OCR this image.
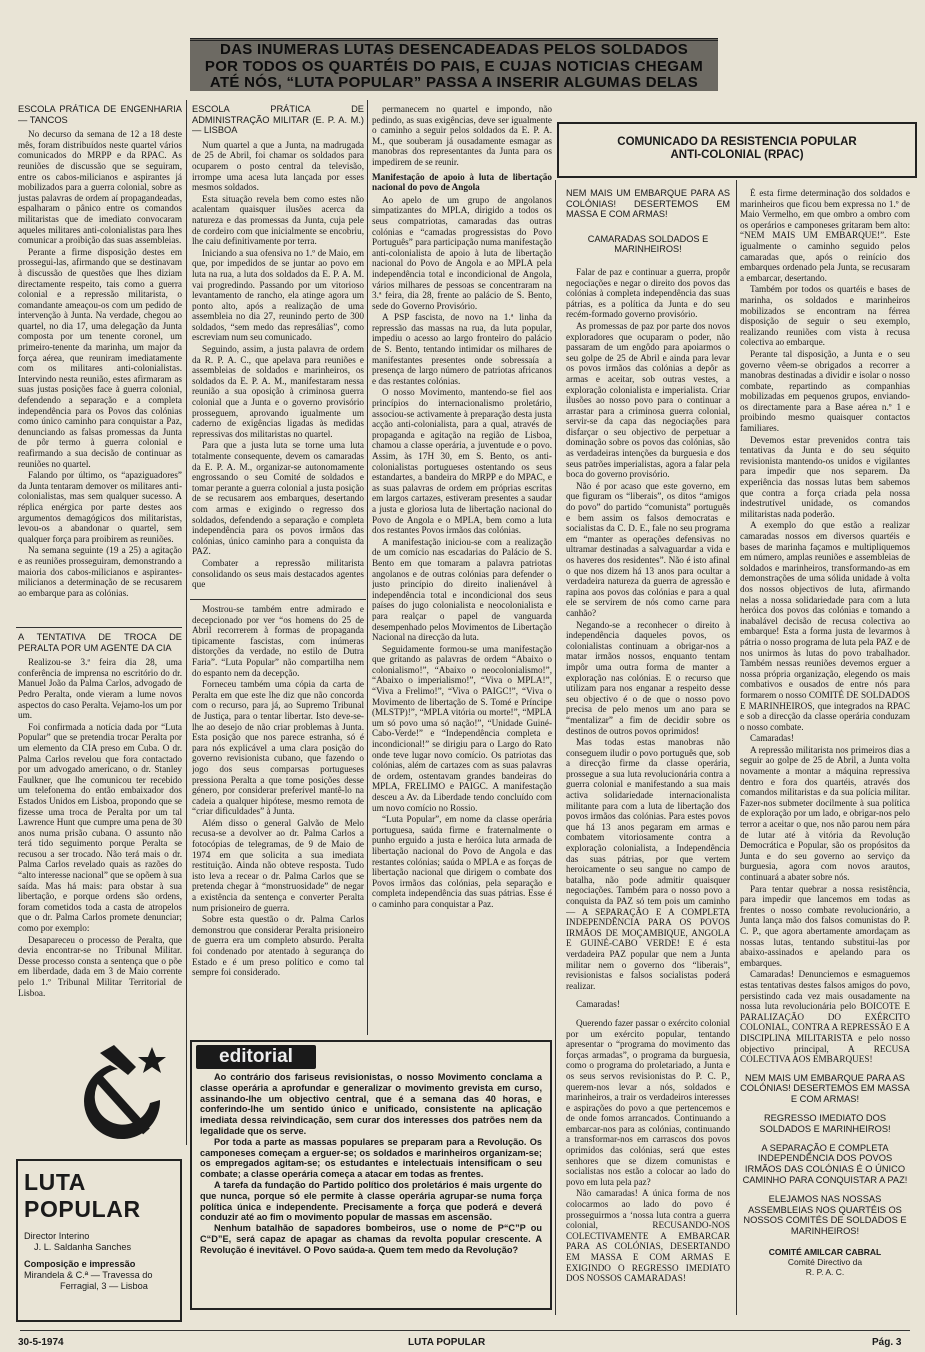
DAS INUMERAS LUTAS DESENCADEADAS PELOS SOLDADOS
POR TODOS OS QUARTÉIS DO PAIS, E CUJAS NOTICIAS CHEGAM
ATÉ NÓS, “LUTA POPULAR” PASSA A INSERIR ALGUMAS DELAS
ESCOLA PRÁTICA DE ENGENHARIA — TANCOS

No decurso da semana de 12 a 18 deste mês, foram distribuídos neste quartel vários comunicados do MRPP e da RPAC. As reuniões de discussão que se seguiram, entre os cabos-milicianos e aspirantes já mobilizados para a guerra colonial, sobre as justas palavras de ordem aí propagandeadas, espalharam o pânico entre os comandos militaristas que de imediato convocaram aqueles militares anti-colonialistas para lhes comunicar a proibição das suas assembleias.

Perante a firme disposição destes em prossegui-las, afirmando que se destinavam à discussão de questões que lhes diziam directamente respeito, tais como a guerra colonial e a repressão militarista, o comandante ameaçou-os com um pedido de intervenção à Junta. Na verdade, chegou ao quartel, no dia 17, uma delegação da Junta composta por um tenente coronel, um primeiro-tenente da marinha, um major da força aérea, que reuniram imediatamente com os militares anti-colonialistas. Intervindo nesta reunião, estes afirmaram as suas justas posições face à guerra colonial, defendendo a separação e a completa independência para os Povos das colónias como único caminho para conquistar a Paz, denunciando as falsas promessas da Junta de pôr termo à guerra colonial e reafirmando a sua decisão de continuar as reuniões no quartel.

Falando por último, os “apaziguadores” da Junta tentaram demover os militares anti-colonialistas, mas sem qualquer sucesso. A réplica enérgica por parte destes aos argumentos demagógicos dos militaristas, levou-os a abandonar o quartel, sem qualquer força para proibirem as reuniões.

Na semana seguinte (19 a 25) a agitação e as reuniões prosseguiram, demonstrando a maioria dos cabos-milicianos e aspirantes-milicianos a determinação de se recusarem ao embarque para as colónias.

A TENTATIVA DE TROCA DE PERALTA POR UM AGENTE DA CIA

Realizou-se 3.ª feira dia 28, uma conferência de imprensa no escritório do dr. Manuel João da Palma Carlos, advogado de Pedro Peralta, onde vieram a lume novos aspectos do caso Peralta. Vejamo-los um por um.

Foi confirmada a notícia dada por “Luta Popular” que se pretendia trocar Peralta por um elemento da CIA preso em Cuba. O dr. Palma Carlos revelou que fora contactado por um advogado americano, o dr. Stanley Faulkner, que lhe comunicou ter recebido um telefonema do então embaixador dos Estados Unidos em Lisboa, propondo que se fizesse uma troca de Peralta por um tal Lawrence Hunt que cumpre uma pena de 30 anos numa prisão cubana. O assunto não terá tido seguimento porque Peralta se recusou a ser trocado. Não terá mais o dr. Palma Carlos revelado quais as razões do “alto interesse nacional” que se opõem à sua saída. Mas há mais: para obstar à sua libertação, e porque ordens são ordens, foram cometidos toda a casta de atropelos que o dr. Palma Carlos promete denunciar; como por exemplo:

Desapareceu o processo de Peralta, que devia encontrar-se no Tribunal Militar. Desse processo consta a sentença que o põe em liberdade, dada em 3 de Maio corrente pelo 1.º Tribunal Militar Territorial de Lisboa.

LUTA POPULAR
Director Interino
J. L. Saldanha Sanches
Composição e impressão
Mirandela & C.ª — Travessa do
Ferragial, 3 — Lisboa
ESCOLA PRÁTICA DE ADMINISTRAÇÃO MILITAR (E. P. A. M.) — LISBOA

Num quartel a que a Junta, na madrugada de 25 de Abril, foi chamar os soldados para ocuparem o posto central da televisão, irrompe uma acesa luta lançada por esses mesmos soldados.

Esta situação revela bem como estes não acalentam quaisquer ilusões acerca da natureza e das promessas da Junta, cuja pele de cordeiro com que inicialmente se encobriu, lhe caiu definitivamente por terra.

Iniciando a sua ofensiva no 1.º de Maio, em que, por impedidos de se juntar ao povo em luta na rua, a luta dos soldados da E. P. A. M. vai progredindo. Passando por um vitorioso levantamento de rancho, ela atinge agora um ponto alto, após a realização de uma assembleia no dia 27, reunindo perto de 300 soldados, “sem medo das represálias”, como escreviam num seu comunicado.

Seguindo, assim, a justa palavra de ordem da R. P. A. C., que apelava para reuniões e assembleias de soldados e marinheiros, os soldados da E. P. A. M., manifestaram nessa reunião a sua oposição à criminosa guerra colonial que a Junta e o governo provisório prosseguem, aprovando igualmente um caderno de exigências ligadas às medidas repressivas dos militaristas no quartel.

Para que a justa luta se torne uma luta totalmente consequente, devem os camaradas da E. P. A. M., organizar-se autonomamente engrossando o seu Comité de soldados e tomar perante a guerra colonial a justa posição de se recusarem aos embarques, desertando com armas e exigindo o regresso dos soldados, defendendo a separação e completa independência para os povos irmãos das colónias, único caminho para a conquista da PAZ.

Combater a repressão militarista consolidando os seus mais destacados agentes que

Mostrou-se também entre admirado e decepcionado por ver “os homens do 25 de Abril recorrerem à formas de propaganda tipicamente fascistas, com inúmeras distorções da verdade, no estilo de Dutra Faria”. “Luta Popular” não compartilha nem do espanto nem da decepção.

Forneceu também uma cópia da carta de Peralta em que este lhe diz que não concorda com o recurso, para já, ao Supremo Tribunal de Justiça, para o tentar libertar. Isto deve-se-lhe ao desejo de não criar problemas à Junta. Esta posição que nos parece estranha, só é para nós explicável a uma clara posição do governo revisionista cubano, que fazendo o jogo dos seus comparsas portugueses pressiona Peralta a que tome posições desse género, por considerar preferível mantê-lo na cadeia a qualquer hipótese, mesmo remota de “criar dificuldades” à Junta.

Além disso o general Galvão de Melo recusa-se a devolver ao dr. Palma Carlos a fotocópias de telegramas, de 9 de Maio de 1974 em que solicita a sua imediata restituição. Ainda não obteve resposta. Tudo isto leva a recear o dr. Palma Carlos que se pretenda chegar à “monstruosidade” de negar a existência da sentença e converter Peralta num prisioneiro de guerra.

Sobre esta questão o dr. Palma Carlos demonstrou que considerar Peralta prisioneiro de guerra era um completo absurdo. Peralta foi condenado por atentado à segurança do Estado e é um preso político e como tal sempre foi considerado.

permanecem no quartel e impondo, não pedindo, as suas exigências, deve ser igualmente o caminho a seguir pelos soldados da E. P. A. M., que souberam já ousadamente esmagar as manobras dos representantes da Junta para os impedirem de se reunir.

Manifestação de apoio à luta de libertação nacional do povo de Angola

Ao apelo de um grupo de angolanos simpatizantes do MPLA, dirigido a todos os seus compatriotas, camaradas das outras colónias e “camadas progressistas do Povo Português” para participação numa manifestação anti-colonialista de apoio à luta de libertação nacional do Povo de Angola e ao MPLA pela independência total e incondicional de Angola, vários milhares de pessoas se concentraram na 3.ª feira, dia 28, frente ao palácio de S. Bento, sede do Governo Provisório.

A PSP fascista, de novo na 1.ª linha da repressão das massas na rua, da luta popular, impediu o acesso ao largo fronteiro do palácio de S. Bento, tentando intimidar os milhares de manifestantes presentes onde sobressaía a presença de largo número de patriotas africanos e das restantes colónias.

O nosso Movimento, mantendo-se fiel aos princípios do internacionalismo proletário, associou-se activamente à preparação desta justa acção anti-colonialista, para a qual, através de propaganda e agitação na região de Lisboa, chamou a classe operária, a juventude e o povo. Assim, às 17H 30, em S. Bento, os anti-colonialistas portugueses ostentando os seus estandartes, a bandeira do MRPP e do MPAC, e as suas palavras de ordem em próprias escritas em largos cartazes, estiveram presentes a saudar a justa e gloriosa luta de libertação nacional do Povo de Angola e o MPLA, bem como a luta dos restantes Povos irmãos das colónias.

A manifestação iniciou-se com a realização de um comício nas escadarias do Palácio de S. Bento em que tomaram a palavra patriotas angolanos e de outras colónias para defender o justo princípio do direito inalienável à independência total e incondicional dos seus países do jugo colonialista e neocolonialista e para realçar o papel de vanguarda desempenhado pelos Movimentos de Libertação Nacional na direcção da luta.

Seguidamente formou-se uma manifestação que gritando as palavras de ordem “Abaixo o colonialismo!”, “Abaixo o neocolonialismo!”, “Abaixo o imperialismo!”, “Viva o MPLA!”, “Viva a Frelimo!”, “Viva o PAIGC!”, “Viva o Movimento de libertação de S. Tomé e Príncipe (MLSTP)!”, “MPLA vitória ou morte!”, “MPLA um só povo uma só nação!”, “Unidade Guiné-Cabo-Verde!” e “Independência completa e incondicional!” se dirigiu para o Largo do Rato onde teve lugar novo comício. Os patriotas das colónias, além de cartazes com as suas palavras de ordem, ostentavam grandes bandeiras do MPLA, FRELIMO e PAIGC. A manifestação desceu a Av. da Liberdade tendo concluído com um novo comício no Rossio.

“Luta Popular”, em nome da classe operária portuguesa, saúda firme e fraternalmente o punho erguido a justa e heróica luta armada de libertação nacional do Povo de Angola e das restantes colónias; saúda o MPLA e as forças de libertação nacional que dirigem o combate dos Povos irmãos das colónias, pela separação e completa independência das suas pátrias. Esse é o caminho para conquistar a Paz.

COMUNICADO DA RESISTENCIA POPULAR
ANTI-COLONIAL (RPAC)
NEM MAIS UM EMBARQUE PARA AS COLÓNIAS! DESERTEMOS EM MASSA E COM ARMAS!
CAMARADAS SOLDADOS E MARINHEIROS!

Falar de paz e continuar a guerra, propôr negociações e negar o direito dos povos das colónias à completa independência das suas pátrias, es a política da Junta e do seu recém-formado governo provisório.

As promessas de paz por parte dos novos exploradores que ocuparam o poder, não passaram de um engôdo para apoiarmos o seu golpe de 25 de Abril e ainda para levar os povos irmãos das colónias a depôr as armas e aceitar, sob outras vestes, a exploração colonialista e imperialista. Criar ilusões ao nosso povo para o continuar a arrastar para a criminosa guerra colonial, servir-se da capa das negociações para disfarçar o seu objectivo de perpetuar a dominação sobre os povos das colónias, são as verdadeiras intenções da burguesia e dos seus patrões imperialistas, agora a falar pela boca do governo provisório.

Não é por acaso que este governo, em que figuram os “liberais”, os ditos “amigos do povo” do partido “comunista” português e bem assim os falsos democratas e socialistas da C. D. E., fale no seu programa em “manter as operações defensivas no ultramar destinadas a salvaguardar a vida e os haveres dos residentes”. Não é isto afinal o que nos dizem há 13 anos para ocultar a verdadeira natureza da guerra de agressão e rapina aos povos das colónias e para a qual ele se servirem de nós como carne para canhão?

Negando-se a reconhecer o direito à independência daqueles povos, os colonialistas continuam a obrigar-nos a matar irmãos nossos, enquanto tentam impôr uma outra forma de manter a exploração nas colónias. E o recurso que utilizam para nos enganar a respeito desse seu objectivo é o de que o nosso povo precisa de pelo menos um ano para se “mentalizar” a fim de decidir sobre os destinos de outros povos oprimidos!

Mas todas estas manobras não conseguem iludir o povo português que, sob a direcção firme da classe operária, prossegue a sua luta revolucionária contra a guerra colonial e manifestando a sua mais activa solidariedade internacionalista militante para com a luta de libertação dos povos irmãos das colónias. Para estes povos que há 13 anos pegaram em armas e combatem vitoriosamente contra a exploração colonialista, a Independência das suas pátrias, por que vertem heroicamente o seu sangue no campo de batalha, não pode admitir quaisquer negociações. Também para o nosso povo a conquista da PAZ só tem pois um caminho — A SEPARAÇÃO E A COMPLETA INDEPENDÊNCIA PARA OS POVOS IRMÃOS DE MOÇAMBIQUE, ANGOLA E GUINÉ-CABO VERDE! E é esta verdadeira PAZ popular que nem a Junta militar nem o governo dos “liberais”, revisionistas e falsos socialistas poderá realizar.

Camaradas!

Querendo fazer passar o exército colonial por um exército popular, tentando apresentar o “programa do movimento das forças armadas”, o programa da burguesia, como o programa do proletariado, a Junta e os seus servos revisionistas do P. C. P., querem-nos levar a nós, soldados e marinheiros, a trair os verdadeiros interesses e aspirações do povo a que pertencemos e de onde fomos arrancados. Continuando a embarcar-nos para as colónias, continuando a transformar-nos em carrascos dos povos oprimidos das colónias, será que estes senhores que se dizem comunistas e socialistas nos estão a colocar ao lado do povo em luta pela paz?

Não camaradas! A única forma de nos colocarmos ao lado do povo é prosseguirmos a ‘nossa luta contra a guerra colonial, RECUSANDO-NOS COLECTIVAMENTE A EMBARCAR PARA AS COLÓNIAS, DESERTANDO EM MASSA E COM ARMAS E EXIGINDO O REGRESSO IMEDIATO DOS NOSSOS CAMARADAS!

É esta firme determinação dos soldados e marinheiros que ficou bem expressa no 1.º de Maio Vermelho, em que ombro a ombro com os operários e camponeses gritaram bem alto: “NEM MAIS UM EMBARQUE!”. Este igualmente o caminho seguido pelos camaradas que, após o reinício dos embarques ordenado pela Junta, se recusaram a embarcar, desertando.

Também por todos os quartéis e bases de marinha, os soldados e marinheiros mobilizados se encontram na férrea disposição de seguir o seu exemplo, realizando reuniões com vista à recusa colectiva ao embarque.

Perante tal disposição, a Junta e o seu governo vêem-se obrigados a recorrer a manobras destinadas a dividir e isolar o nosso combate, repartindo as companhias mobilizadas em pequenos grupos, enviando-os directamente para a Base aérea n.º 1 e proibindo mesmo quaisquer contactos familiares.

Devemos estar prevenidos contra tais tentativas da Junta e do seu séquito revisionista mantendo-os unidos e vigilantes para impedir que nos separem. Da experiência das nossas lutas bem sabemos que contra a força criada pela nossa indestrutível unidade, os comandos militaristas nada poderão.

A exemplo do que estão a realizar camaradas nossos em diversos quartéis e bases de marinha façamos e multipliquemos em número, amplas reuniões e assembleias de soldados e marinheiros, transformando-as em demonstrações de uma sólida unidade à volta dos nossos objectivos de luta, afirmando nelas a nossa solidariedade para com a luta heróica dos povos das colónias e tomando a inabalável decisão de recusa colectiva ao embarque! Esta a forma justa de levarmos à pátria o nosso programa de luta pela PAZ e de nos unirmos às lutas do povo trabalhador. Também nessas reuniões devemos erguer a nossa própria organização, elegendo os mais combativos e ousados de entre nós para formarem o nosso COMITÉ DE SOLDADOS E MARINHEIROS, que integrados na RPAC e sob a direcção da classe operária conduzam o nosso combate.

Camaradas!

A repressão militarista nos primeiros dias a seguir ao golpe de 25 de Abril, a Junta volta novamente a montar a máquina repressiva dentro e fora dos quartéis, através dos comandos militaristas e da sua polícia militar. Fazer-nos submeter docilmente à sua política de exploração por um lado, e obrigar-nos pelo terror a aceitar o que, nos não parou nem pára de lutar até à vitória da Revolução Democrática e Popular, são os propósitos da Junta e do seu governo ao serviço da burguesia, agora com novos arautos, continuará a abater sobre nós.

Para tentar quebrar a nossa resistência, para impedir que lancemos em todas as frentes o nosso combate revolucionário, a Junta lança mão dos falsos comunistas do P. C. P., que agora abertamente amordaçam as nossas lutas, tentando substitui-las por abaixo-assinados e apelando para os embarques.

Camaradas! Denunciemos e esmaguemos estas tentativas destes falsos amigos do povo, persistindo cada vez mais ousadamente na nossa luta revolucionária pelo BOICOTE E PARALIZAÇÃO DO EXÉRCITO COLONIAL, CONTRA A REPRESSÃO E A DISCIPLINA MILITARISTA e pelo nosso objectivo principal, A RECUSA COLECTIVA AOS EMBARQUES!

NEM MAIS UM EMBARQUE PARA AS COLÓNIAS! DESERTEMOS EM MASSA E COM ARMAS!
REGRESSO IMEDIATO DOS SOLDADOS E MARINHEIROS!
A SEPARAÇÃO E COMPLETA INDEPENDÊNCIA DOS POVOS IRMÃOS DAS COLÓNIAS É O ÚNICO CAMINHO PARA CONQUISTAR A PAZ!
ELEJAMOS NAS NOSSAS ASSEMBLEIAS NOS QUARTÉIS OS NOSSOS COMITÉS DE SOLDADOS E MARINHEIROS!
COMITÉ AMILCAR CABRAL
Comité Directivo da
R. P. A. C.
editorial

Ao contrário dos fariseus revisionistas, o nosso Movimento conclama a classe operária a aprofundar e generalizar o movimento grevista em curso, assinando-lhe um objectivo central, que é a semana das 40 horas, e conferindo-lhe um sentido único e unificado, consistente na aplicação imediata dessa reivindicação, sem curar dos interesses dos patrões nem da legalidade que os serve.

Por toda a parte as massas populares se preparam para a Revolução. Os camponeses começam a erguer-se; os soldados e marinheiros organizam-se; os empregados agitam-se; os estudantes e intelectuais intensificam o seu combate; a classe operária começa a atacar em todas as frentes.

A tarefa da fundação do Partido político dos proletários é mais urgente do que nunca, porque só ele permite à classe operária agrupar-se numa força política única e independente. Precisamente a força que poderá e deverá conduzir até ao fim o movimento popular de massas em ascensão.

Nenhum batalhão de sapadores bombeiros, use o nome de P“C”P ou C“D”E, será capaz de apagar as chamas da revolta popular crescente. A Revolução é inevitável. O Povo saúda-a. Quem tem medo da Revolução?

30-5-1974	LUTA POPULAR	Pág. 3
